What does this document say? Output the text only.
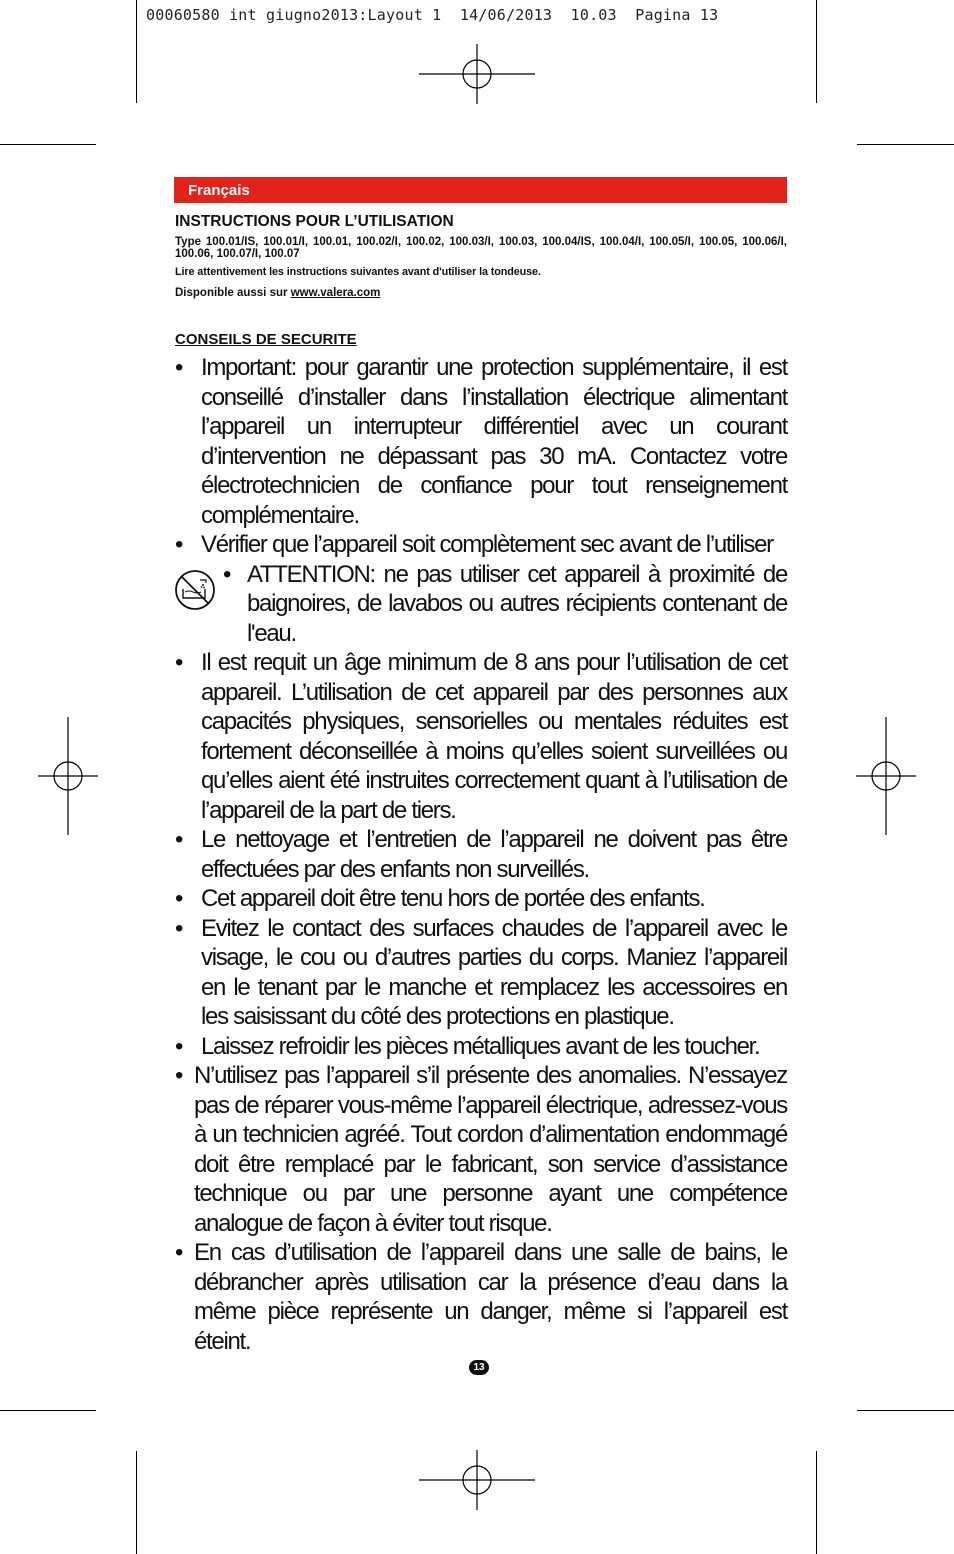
00060580 int giugno2013:Layout 1  14/06/2013  10.03  Pagina 13
Français
INSTRUCTIONS POUR L’UTILISATION
Type 100.01/IS, 100.01/I, 100.01, 100.02/I, 100.02, 100.03/I, 100.03, 100.04/IS, 100.04/I, 100.05/I, 100.05, 100.06/I, 100.06, 100.07/I, 100.07
Lire attentivement les instructions suivantes avant d'utiliser la tondeuse.
Disponible aussi sur www.valera.com
CONSEILS DE SECURITE
• Important: pour garantir une protection supplémentaire, il est conseillé d’installer dans l’installation électrique alimentant l’appareil un interrupteur différentiel avec un courant d’intervention ne dépassant pas 30 mA. Contactez votre électrotechnicien de confiance pour tout renseignement complémentaire.
• Vérifier que l’appareil soit complètement sec avant de l’utiliser
• ATTENTION: ne pas utiliser cet appareil à proximité de baignoires, de lavabos ou autres récipients contenant de l'eau.
• Il est requit un âge minimum de 8 ans pour l’utilisation de cet appareil. L’utilisation de cet appareil par des personnes aux capacités physiques, sensorielles ou mentales réduites est fortement déconseillée à moins qu’elles soient surveillées ou qu’elles aient été instruites correctement quant à l’utilisation de l’appareil de la part de tiers.
• Le nettoyage et l’entretien de l’appareil ne doivent pas être effectuées par des enfants non surveillés.
• Cet appareil doit être tenu hors de portée des enfants.
• Evitez le contact des surfaces chaudes de l’appareil avec le visage, le cou ou d’autres parties du corps. Maniez l’appareil en le tenant par le manche et remplacez les accessoires en les saisissant du côté des protections en plastique.
• Laissez refroidir les pièces métalliques avant de les toucher.
• N’utilisez pas l’appareil s’il présente des anomalies. N’essayez pas de réparer vous-même l’appareil électrique, adressez-vous à un technicien agréé. Tout cordon d’alimentation endommagé doit être remplacé par le fabricant, son service d’assistance technique ou par une personne ayant une compétence analogue de façon à éviter tout risque.
• En cas d’utilisation de l’appareil dans une salle de bains, le débrancher après utilisation car la présence d’eau dans la même pièce représente un danger, même si l’appareil est éteint.
13
